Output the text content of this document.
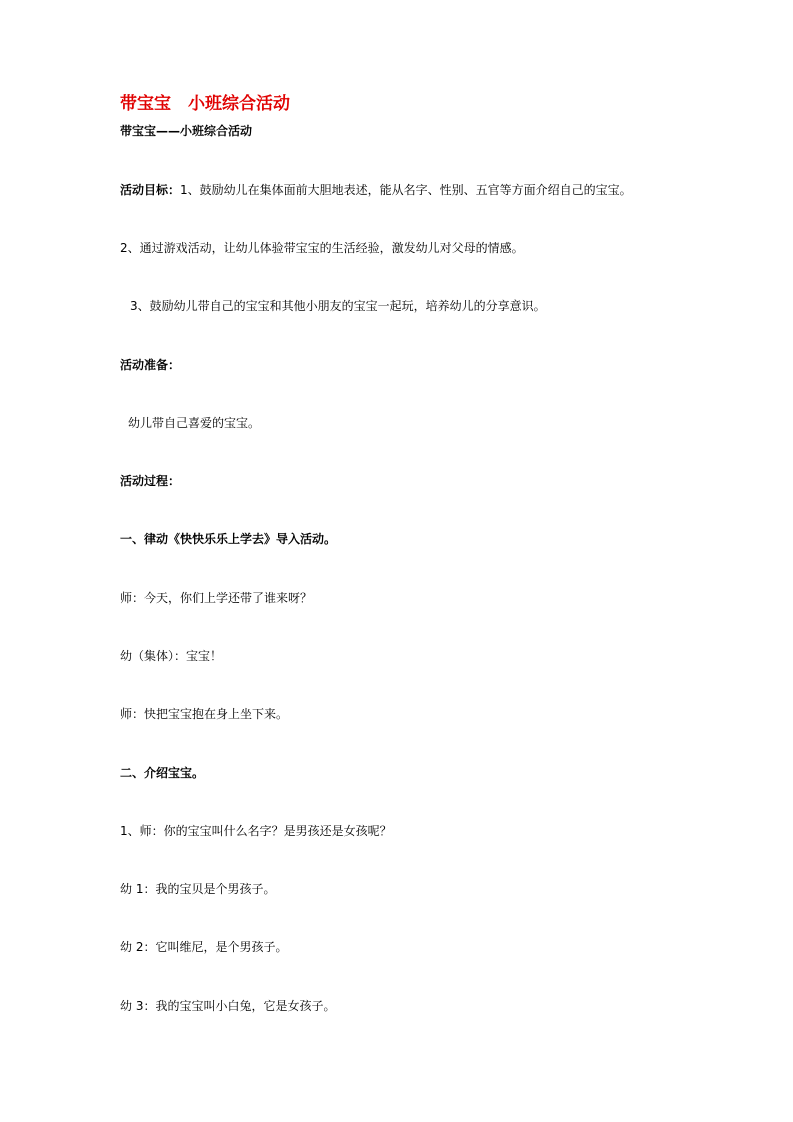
带宝宝　小班综合活动
带宝宝——小班综合活动
活动目标：1、鼓励幼儿在集体面前大胆地表述，能从名字、性别、五官等方面介绍自己的宝宝。
2、通过游戏活动，让幼儿体验带宝宝的生活经验，激发幼儿对父母的情感。
3、鼓励幼儿带自己的宝宝和其他小朋友的宝宝一起玩，培养幼儿的分享意识。
活动准备：
幼儿带自己喜爱的宝宝。
活动过程：
一、律动《快快乐乐上学去》导入活动。
师：今天，你们上学还带了谁来呀？
幼（集体）：宝宝！
师：快把宝宝抱在身上坐下来。
二、介绍宝宝。
1、师：你的宝宝叫什么名字？是男孩还是女孩呢？
幼 1：我的宝贝是个男孩子。
幼 2：它叫维尼，是个男孩子。
幼 3：我的宝宝叫小白兔，它是女孩子。
